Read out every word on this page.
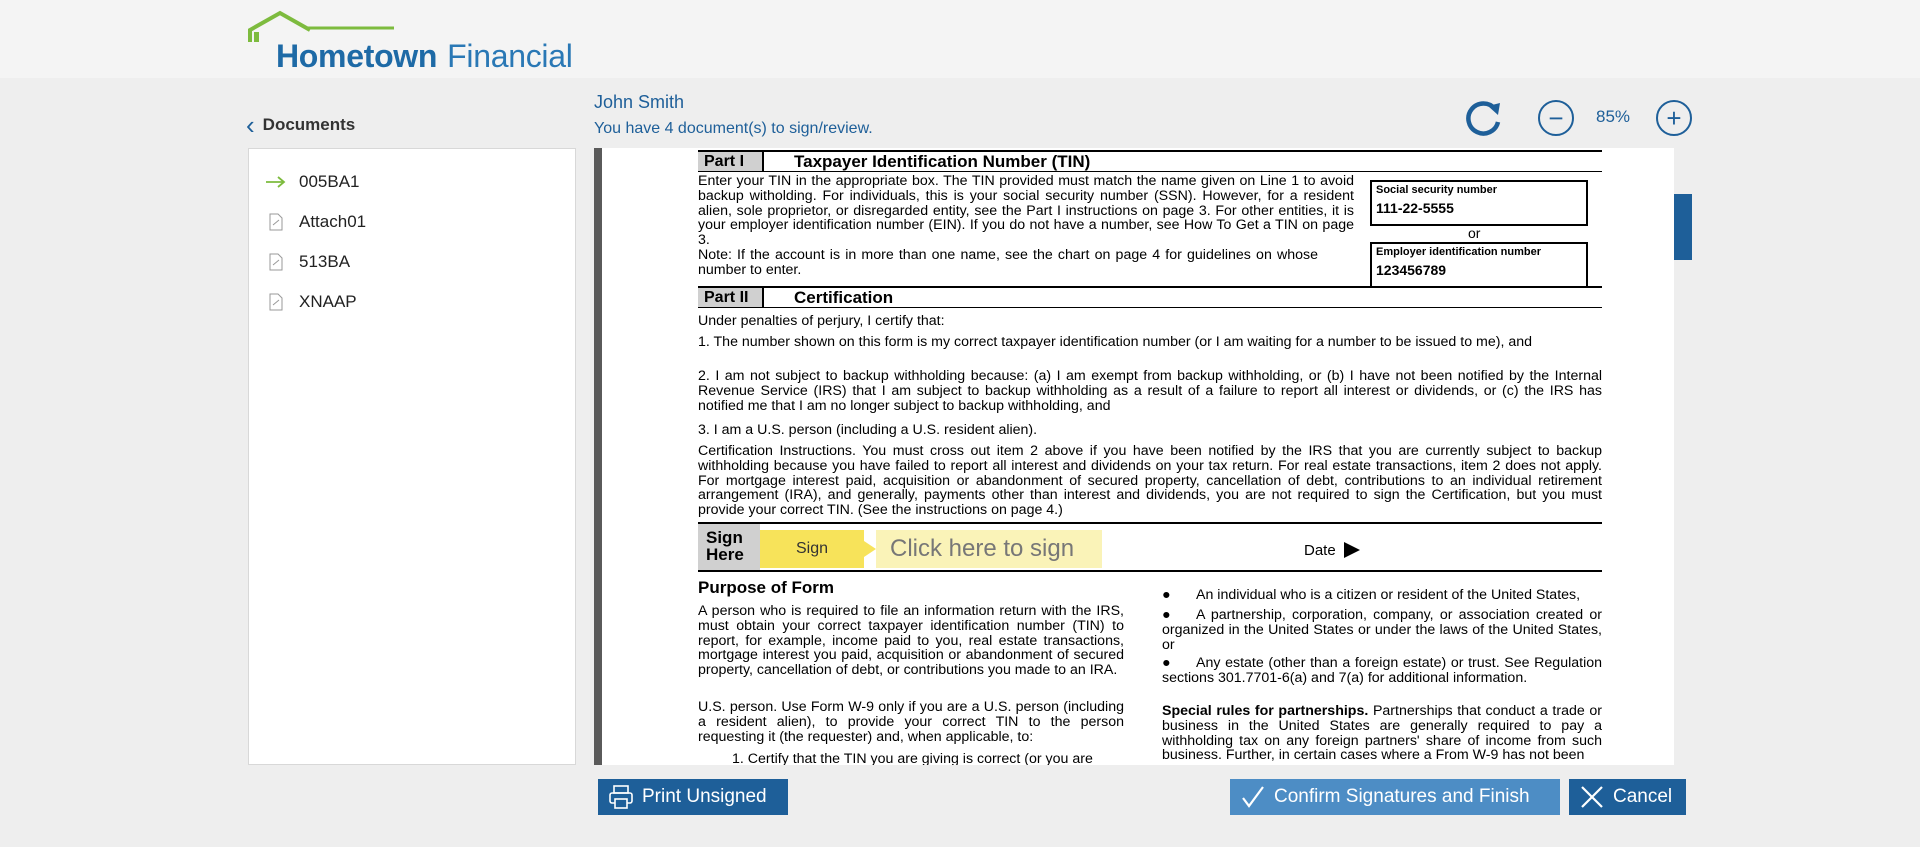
Hometown Financial
‹ Documents
005BA1
Attach01
513BA
XNAAP
John Smith
You have 4 document(s) to sign/review.	− 85% +
Part I	Taxpayer Identification Number (TIN)
Enter your TIN in the appropriate box. The TIN provided must match the name given on Line 1 to avoid backup witholding. For individuals, this is your social security number (SSN). However, for a resident alien, sole proprietor, or disregarded entity, see the Part I instructions on page 3. For other entities, it is your employer identification number (EIN). If you do not have a number, see How To Get a TIN on page 3.
Note: If the account is in more than one name, see the chart on page 4 for guidelines on whose number to enter.
Social security number
111-22-5555
or
Employer identification number
123456789
Part II	Certification
Under penalties of perjury, I certify that:
1. The number shown on this form is my correct taxpayer identification number (or I am waiting for a number to be issued to me), and
2. I am not subject to backup withholding because: (a) I am exempt from backup withholding, or (b) I have not been notified by the Internal Revenue Service (IRS) that I am subject to backup withholding as a result of a failure to report all interest or dividends, or (c) the IRS has notified me that I am no longer subject to backup withholding, and
3. I am a U.S. person (including a U.S. resident alien).
Certification Instructions. You must cross out item 2 above if you have been notified by the IRS that you are currently subject to backup withholding because you have failed to report all interest and dividends on your tax return. For real estate transactions, item 2 does not apply. For mortgage interest paid, acquisition or abandonment of secured property, cancellation of debt, contributions to an individual retirement arrangement (IRA), and generally, payments other than interest and dividends, you are not required to sign the Certification, but you must provide your correct TIN. (See the instructions on page 4.)
Sign Here	Sign	Click here to sign	Date
Purpose of Form
A person who is required to file an information return with the IRS, must obtain your correct taxpayer identification number (TIN) to report, for example, income paid to you, real estate transactions, mortgage interest you paid, acquisition or abandonment of secured property, cancellation of debt, or contributions you made to an IRA.
U.S. person. Use Form W-9 only if you are a U.S. person (including a resident alien), to provide your correct TIN to the person requesting it (the requester) and, when applicable, to:
1. Certify that the TIN you are giving is correct (or you are
● An individual who is a citizen or resident of the United States,
● A partnership, corporation, company, or association created or organized in the United States or under the laws of the United States, or
● Any estate (other than a foreign estate) or trust. See Regulation sections 301.7701-6(a) and 7(a) for additional information.
Special rules for partnerships. Partnerships that conduct a trade or business in the United States are generally required to pay a withholding tax on any foreign partners' share of income from such business. Further, in certain cases where a From W-9 has not been
Print Unsigned	Confirm Signatures and Finish	Cancel
